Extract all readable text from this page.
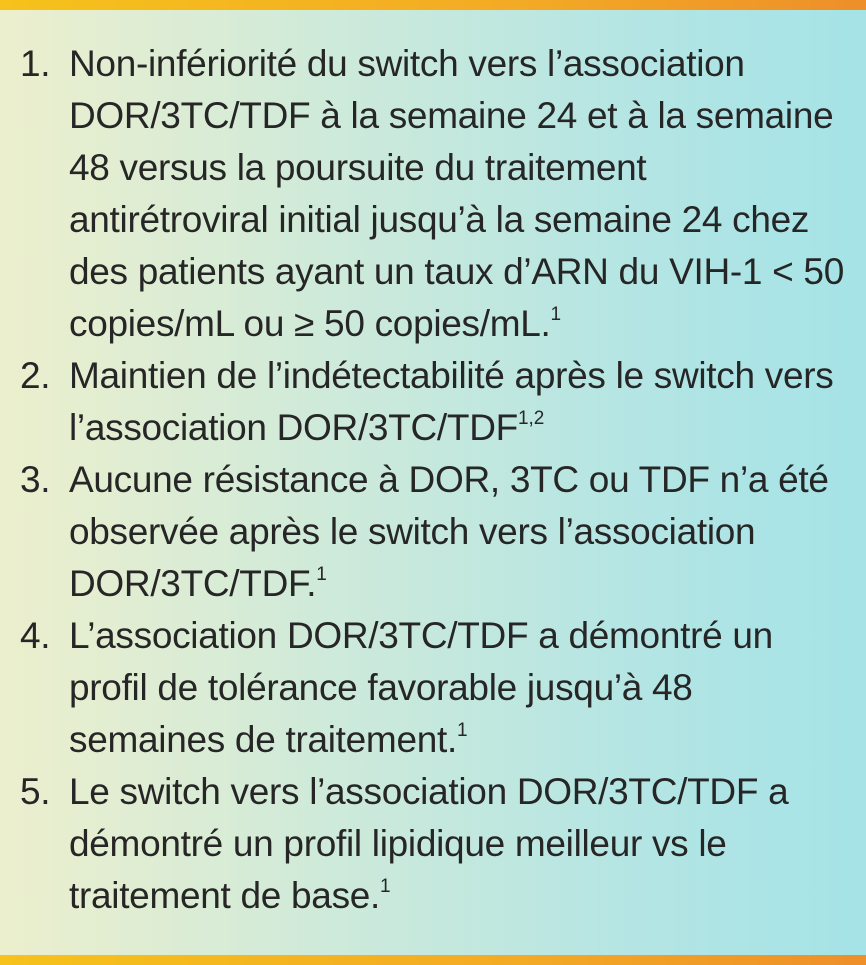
1. Non-infériorité du switch vers l’association DOR/3TC/TDF à la semaine 24 et à la semaine 48 versus la poursuite du traitement antirétroviral initial jusqu’à la semaine 24 chez des patients ayant un taux d’ARN du VIH-1 < 50 copies/mL ou ≥ 50 copies/mL.$^1$
2. Maintien de l’indétectabilité après le switch vers l’association DOR/3TC/TDF$^{1,2}$
3. Aucune résistance à DOR, 3TC ou TDF n’a été observée après le switch vers l’association DOR/3TC/TDF.$^1$
4. L’association DOR/3TC/TDF a démontré un profil de tolérance favorable jusqu’à 48 semaines de traitement.$^1$
5. Le switch vers l’association DOR/3TC/TDF a démontré un profil lipidique meilleur vs le traitement de base.$^1$
